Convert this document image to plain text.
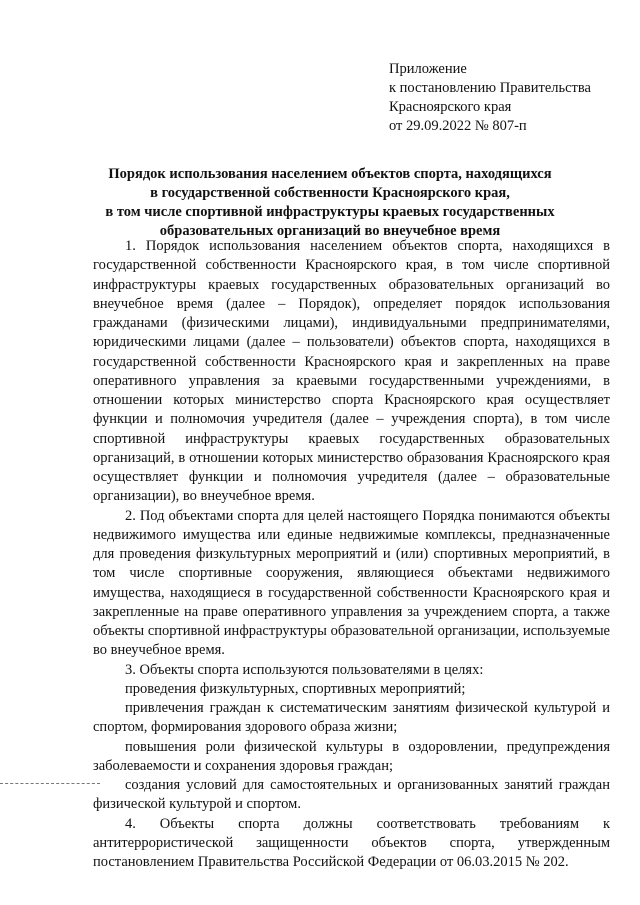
Приложение
к постановлению Правительства
Красноярского края
от 29.09.2022 № 807-п
Порядок использования населением объектов спорта, находящихся
в государственной собственности Красноярского края,
в том числе спортивной инфраструктуры краевых государственных
образовательных организаций во внеучебное время

1. Порядок использования населением объектов спорта, находящихся в государственной собственности Красноярского края, в том числе спортивной инфраструктуры краевых государственных образовательных организаций во внеучебное время (далее – Порядок), определяет порядок использования гражданами (физическими лицами), индивидуальными предпринимателями, юридическими лицами (далее – пользователи) объектов спорта, находящихся в государственной собственности Красноярского края и закрепленных на праве оперативного управления за краевыми государственными учреждениями, в отношении которых министерство спорта Красноярского края осуществляет функции и полномочия учредителя (далее – учреждения спорта), в том числе спортивной инфраструктуры краевых государственных образовательных организаций, в отношении которых министерство образования Красноярского края осуществляет функции и полномочия учредителя (далее – образовательные организации), во внеучебное время.

2. Под объектами спорта для целей настоящего Порядка понимаются объекты недвижимого имущества или единые недвижимые комплексы, предназначенные для проведения физкультурных мероприятий и (или) спортивных мероприятий, в том числе спортивные сооружения, являющиеся объектами недвижимого имущества, находящиеся в государственной собственности Красноярского края и закрепленные на праве оперативного управления за учреждением спорта, а также объекты спортивной инфраструктуры образовательной организации, используемые во внеучебное время.

3. Объекты спорта используются пользователями в целях:

проведения физкультурных, спортивных мероприятий;

привлечения граждан к систематическим занятиям физической культурой и спортом, формирования здорового образа жизни;

повышения роли физической культуры в оздоровлении, предупреждения заболеваемости и сохранения здоровья граждан;

создания условий для самостоятельных и организованных занятий граждан физической культурой и спортом.

4. Объекты спорта должны соответствовать требованиям к антитеррористической защищенности объектов спорта, утвержденным постановлением Правительства Российской Федерации от 06.03.2015 № 202.
